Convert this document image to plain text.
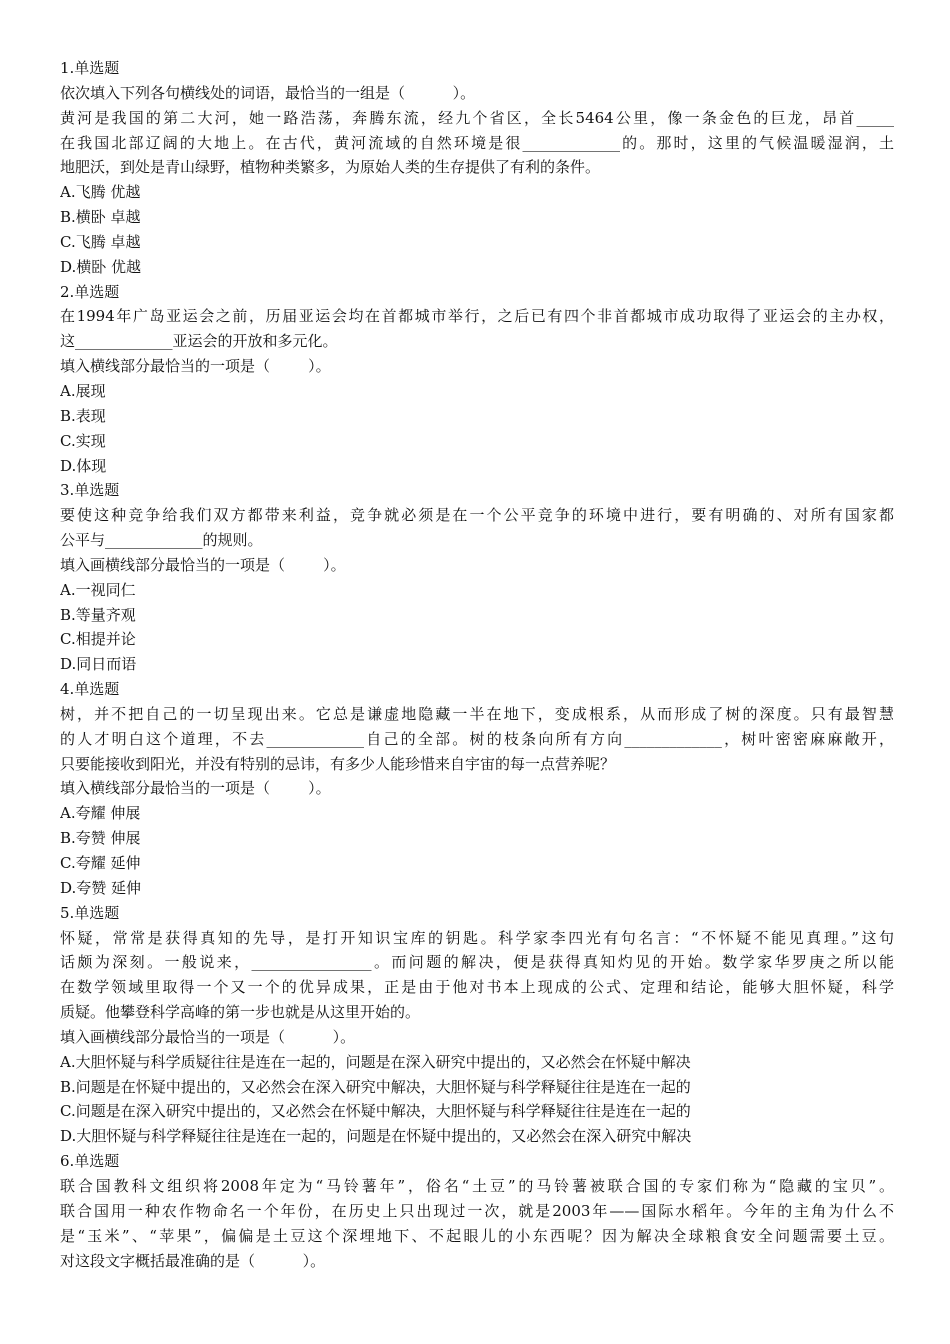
1.单选题
依次填入下列各句横线处的词语，最恰当的一组是（          ）。
黄河是我国的第二大河，她一路浩荡，奔腾东流，经九个省区，全长5464公里，像一条金色的巨龙，昂首_____
在我国北部辽阔的大地上。在古代，黄河流域的自然环境是很_____________的。那时，这里的气候温暖湿润，土
地肥沃，到处是青山绿野，植物种类繁多，为原始人类的生存提供了有利的条件。
A.飞腾 优越
B.横卧 卓越
C.飞腾 卓越
D.横卧 优越
2.单选题
在1994年广岛亚运会之前，历届亚运会均在首都城市举行，之后已有四个非首都城市成功取得了亚运会的主办权，
这_____________亚运会的开放和多元化。
填入横线部分最恰当的一项是（        ）。
A.展现
B.表现
C.实现
D.体现
3.单选题
要使这种竞争给我们双方都带来利益，竞争就必须是在一个公平竞争的环境中进行，要有明确的、对所有国家都
公平与_____________的规则。
填入画横线部分最恰当的一项是（        ）。
A.一视同仁
B.等量齐观
C.相提并论
D.同日而语
4.单选题
树，并不把自己的一切呈现出来。它总是谦虚地隐藏一半在地下，变成根系，从而形成了树的深度。只有最智慧
的人才明白这个道理，不去_____________自己的全部。树的枝条向所有方向_____________，树叶密密麻麻敞开，
只要能接收到阳光，并没有特别的忌讳，有多少人能珍惜来自宇宙的每一点营养呢？
填入横线部分最恰当的一项是（        ）。
A.夸耀 伸展
B.夸赞 伸展
C.夸耀 延伸
D.夸赞 延伸
5.单选题
怀疑，常常是获得真知的先导，是打开知识宝库的钥匙。科学家李四光有句名言：“不怀疑不能见真理。”这句
话颇为深刻。一般说来，________________。而问题的解决，便是获得真知灼见的开始。数学家华罗庚之所以能
在数学领域里取得一个又一个的优异成果，正是由于他对书本上现成的公式、定理和结论，能够大胆怀疑，科学
质疑。他攀登科学高峰的第一步也就是从这里开始的。
填入画横线部分最恰当的一项是（          ）。
A.大胆怀疑与科学质疑往往是连在一起的，问题是在深入研究中提出的，又必然会在怀疑中解决
B.问题是在怀疑中提出的，又必然会在深入研究中解决，大胆怀疑与科学释疑往往是连在一起的
C.问题是在深入研究中提出的，又必然会在怀疑中解决，大胆怀疑与科学释疑往往是连在一起的
D.大胆怀疑与科学释疑往往是连在一起的，问题是在怀疑中提出的，又必然会在深入研究中解决
6.单选题
联合国教科文组织将2008年定为“马铃薯年”，俗名“土豆”的马铃薯被联合国的专家们称为“隐藏的宝贝”。
联合国用一种农作物命名一个年份，在历史上只出现过一次，就是2003年——国际水稻年。今年的主角为什么不
是“玉米”、“苹果”，偏偏是土豆这个深埋地下、不起眼儿的小东西呢？因为解决全球粮食安全问题需要土豆。
对这段文字概括最准确的是（          ）。
